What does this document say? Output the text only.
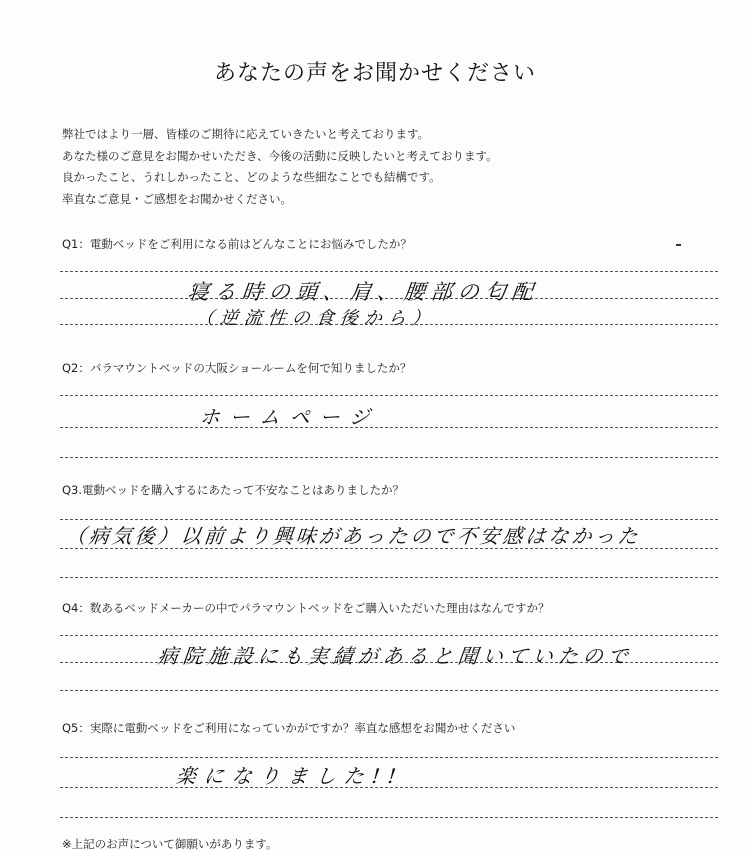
あなたの声をお聞かせください
弊社ではより一層、皆様のご期待に応えていきたいと考えております。
あなた様のご意見をお聞かせいただき、今後の活動に反映したいと考えております。
良かったこと、うれしかったこと、どのような些細なことでも結構です。
率直なご意見・ご感想をお聞かせください。
Q1：電動ベッドをご利用になる前はどんなことにお悩みでしたか？
寝る時の頭、肩、腰部の匂配
（逆流性の食後から）
Q2：パラマウントベッドの大阪ショールームを何で知りましたか？
ホームページ
Q3.電動ベッドを購入するにあたって不安なことはありましたか？
（病気後）以前より興味があったので不安感はなかった
Q4：数あるベッドメーカーの中でパラマウントベッドをご購入いただいた理由はなんですか？
病院施設にも実績があると聞いていたので
Q5：実際に電動ベッドをご利用になっていかがですか？率直な感想をお聞かせください
楽になりました!!
※上記のお声について御願いがあります。
